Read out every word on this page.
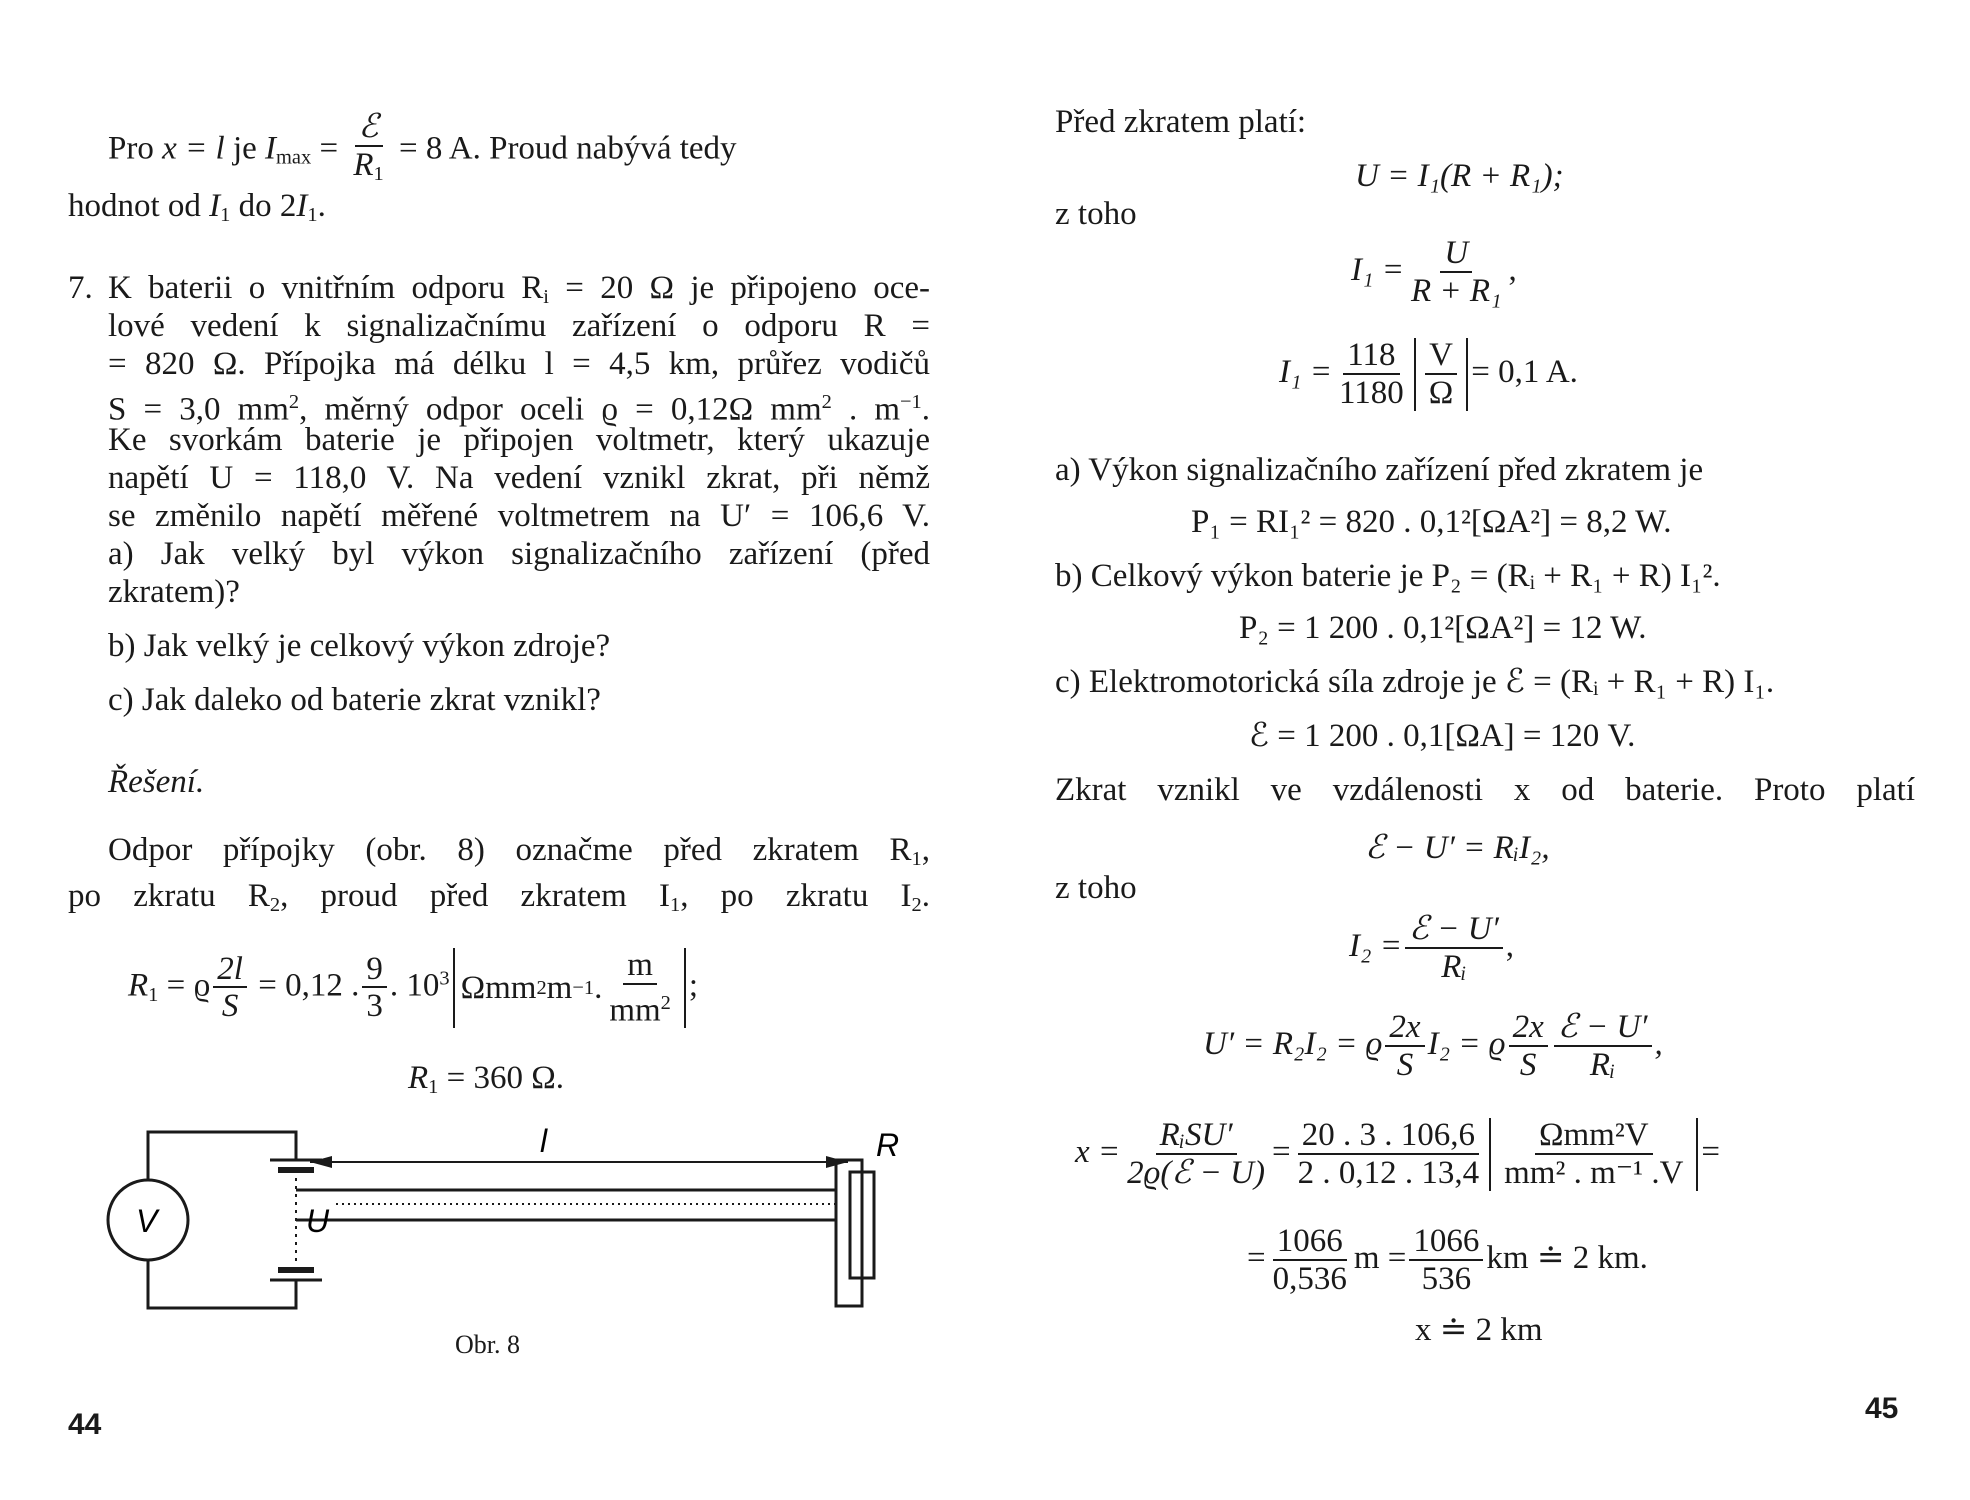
Pro x = l je $I_{max} = \frac{\text{ℰ}}{R_1} = 8$ A. Proud nabývá tedy
hodnot od $I_1$ do $2I_1$.
7. K baterii o vnitřním odporu $R_i = 20$ Ω je připojeno oce-
lové vedení k signalizačnímu zařízení o odporu R =
= 820 Ω. Přípojka má délku l = 4,5 km, průřez vodičů
S = 3,0 $mm^2$, měrný odpor oceli ϱ = 0,12Ω $mm^2$ . $m^{-1}$.
Ke svorkám baterie je připojen voltmetr, který ukazuje
napětí U = 118,0 V. Na vedení vznikl zkrat, při němž
se změnilo napětí měřené voltmetrem na U′ = 106,6 V.
a) Jak velký byl výkon signalizačního zařízení (před
zkratem)?
b) Jak velký je celkový výkon zdroje?
c) Jak daleko od baterie zkrat vznikl?
Řešení.
Odpor přípojky (obr. 8) označme před zkratem $R_1$,
po zkratu $R_2$, proud před zkratem $I_1$, po zkratu $I_2$.
$R_1 = ϱ \frac{2l}{S} = 0,12$ . $\frac{9}{3}$ . $10^3$ Ωmm 2 m −1 . $\frac{m}{mm^2}$ ;
$R_1 = 360$ Ω.
V	U
l	R
Obr. 8
44
Před zkratem platí:
U = I₁(R + R₁);
z toho
$I_1 = \frac{U}{\text{R + R₁}}$ ,
$I_1 = \frac{118}{1180} \frac{V}{\Omega} = 0,1$ A.
a) Výkon signalizačního zařízení před zkratem je
P₁ = RI₁² = 820 . 0,1²[ΩA²] = 8,2 W.
b) Celkový výkon baterie je P₂ = (Rᵢ + R₁ + R) I₁².
P₂ = 1 200 . 0,1²[ΩA²] = 12 W.
c) Elektromotorická síla zdroje je ℰ = (Rᵢ + R₁ + R) I₁.
ℰ = 1 200 . 0,1[ΩA] = 120 V.
Zkrat vznikl ve vzdálenosti x od baterie. Proto platí
ℰ − U′ = RᵢI₂,
z toho
$I_2 = \frac{\text{ℰ − U′}}{\text{Rᵢ}}$ ,
U′ = R₂I₂ = ϱ $\frac{2x}{S} I_2 = ϱ \frac{2x}{S} \frac{\text{ℰ − U′}}{\text{Rᵢ}}$ ,
$x = \frac{\text{RᵢSU′}}{\text{2ϱ(ℰ − U)}} = \frac{20 . 3 . 106,6}{2 . 0,12 . 13,4} \frac{\text{Ωmm²V}}{\text{mm² . m⁻¹ .V}}$ =
= $\frac{1066}{0,536}$ $m = \frac{1066}{536}$ km ≐ 2 km.
x ≐ 2 km
45
